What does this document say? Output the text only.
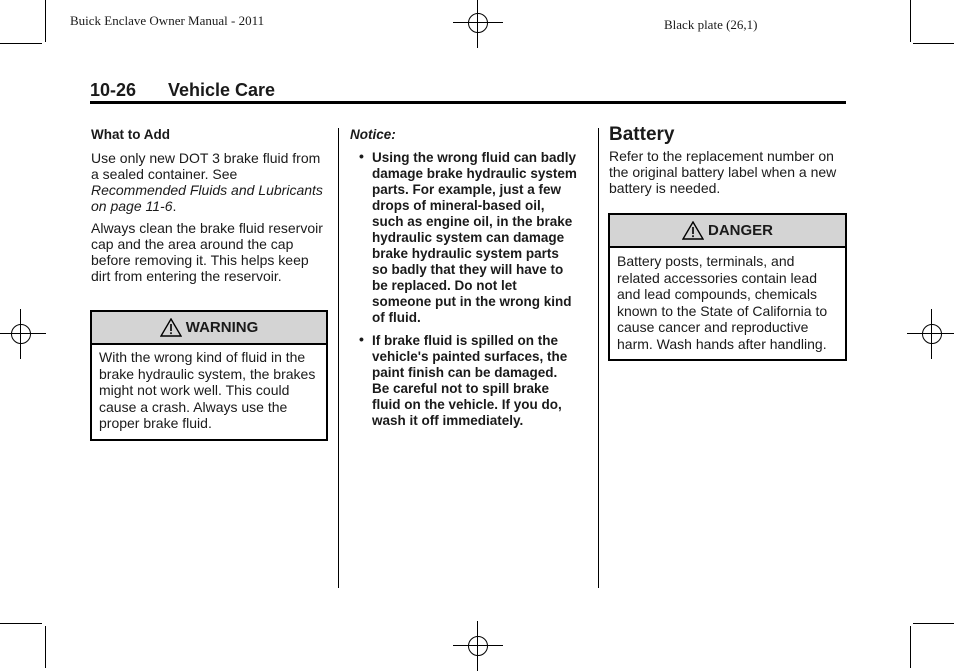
Buick Enclave Owner Manual - 2011	Black plate (26,1)
10-26 Vehicle Care

What to Add

Use only new DOT 3 brake fluid from a sealed container. See Recommended Fluids and Lubricants on page 11-6.

Always clean the brake fluid reservoir cap and the area around the cap before removing it. This helps keep dirt from entering the reservoir.

WARNING
With the wrong kind of fluid in the brake hydraulic system, the brakes might not work well. This could cause a crash. Always use the proper brake fluid.

Notice:

• Using the wrong fluid can badly damage brake hydraulic system parts. For example, just a few drops of mineral-based oil, such as engine oil, in the brake hydraulic system can damage brake hydraulic system parts so badly that they will have to be replaced. Do not let someone put in the wrong kind of fluid.
• If brake fluid is spilled on the vehicle's painted surfaces, the paint finish can be damaged. Be careful not to spill brake fluid on the vehicle. If you do, wash it off immediately.

Battery

Refer to the replacement number on the original battery label when a new battery is needed.

DANGER
Battery posts, terminals, and related accessories contain lead and lead compounds, chemicals known to the State of California to cause cancer and reproductive harm. Wash hands after handling.
